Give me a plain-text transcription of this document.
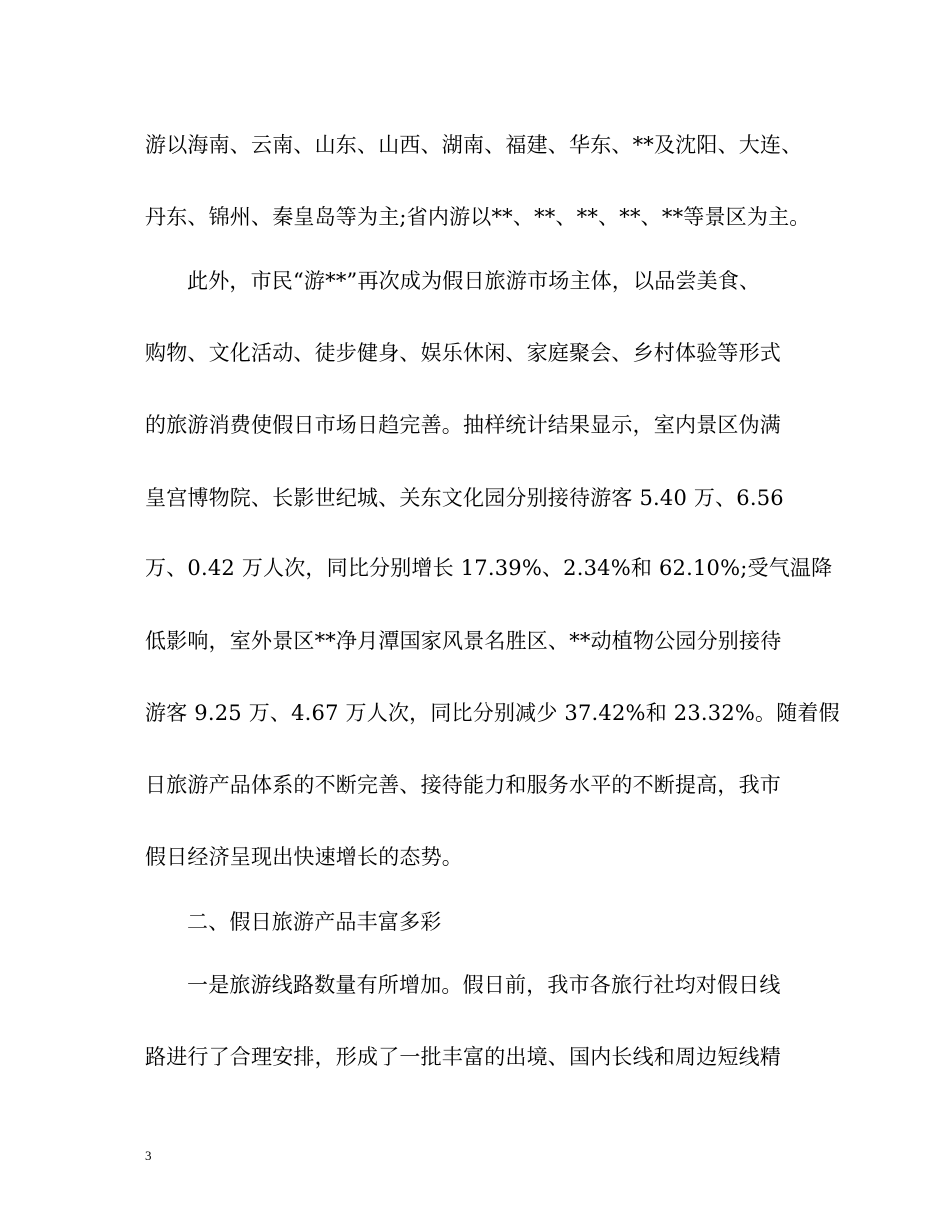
游以海南、云南、山东、山西、湖南、福建、华东、**及沈阳、大连、
丹东、锦州、秦皇岛等为主;省内游以**、**、**、**、**等景区为主。
此外，市民“游**”再次成为假日旅游市场主体，以品尝美食、
购物、文化活动、徒步健身、娱乐休闲、家庭聚会、乡村体验等形式
的旅游消费使假日市场日趋完善。抽样统计结果显示，室内景区伪满
皇宫博物院、长影世纪城、关东文化园分别接待游客 5.40 万、6.56
万、0.42 万人次，同比分别增长 17.39%、2.34%和 62.10%;受气温降
低影响，室外景区**净月潭国家风景名胜区、**动植物公园分别接待
游客 9.25 万、4.67 万人次，同比分别减少 37.42%和 23.32%。随着假
日旅游产品体系的不断完善、接待能力和服务水平的不断提高，我市
假日经济呈现出快速增长的态势。
二、假日旅游产品丰富多彩
一是旅游线路数量有所增加。假日前，我市各旅行社均对假日线
路进行了合理安排，形成了一批丰富的出境、国内长线和周边短线精
3
